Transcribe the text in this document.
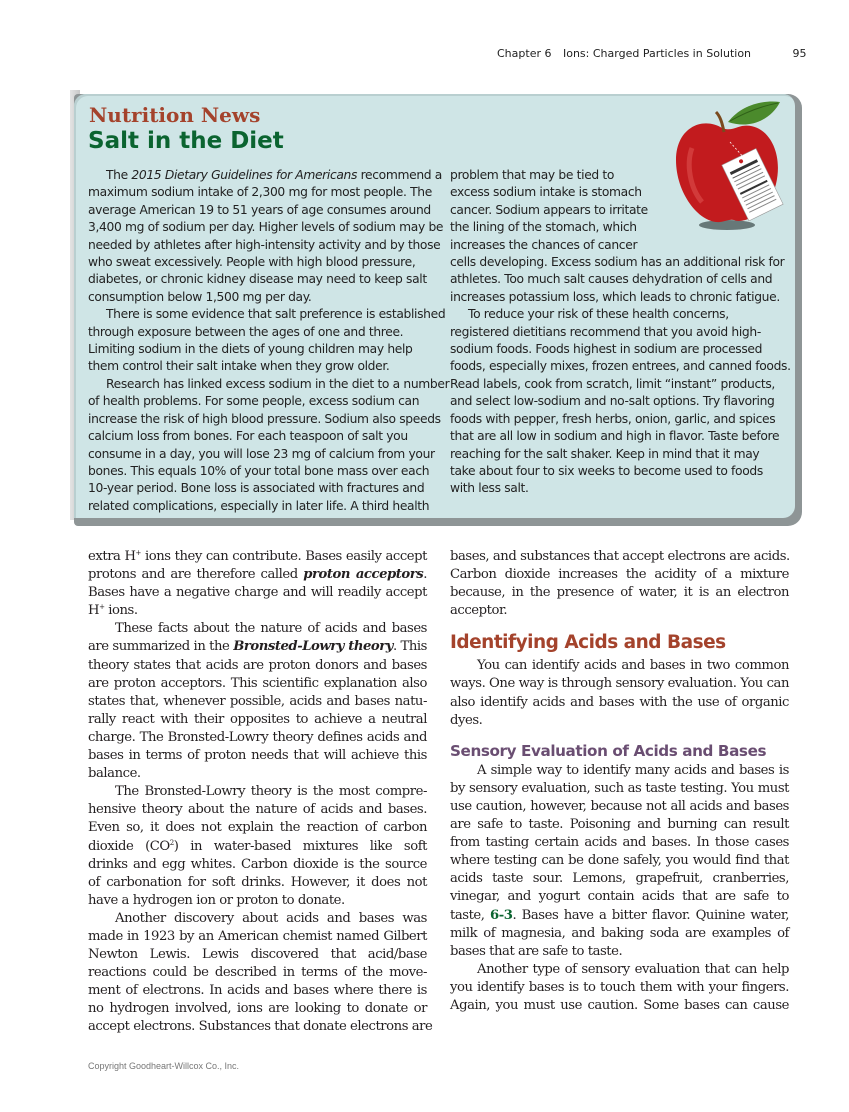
Chapter 6 Ions: Charged Particles in Solution	95
Nutrition News
Salt in the Diet
The 2015 Dietary Guidelines for Americans recommend a
maximum sodium intake of 2,300 mg for most people. The
average American 19 to 51 years of age consumes around
3,400 mg of sodium per day. Higher levels of sodium may be
needed by athletes after high-intensity activity and by those
who sweat excessively. People with high blood pressure,
diabetes, or chronic kidney disease may need to keep salt
consumption below 1,500 mg per day.
There is some evidence that salt preference is established
through exposure between the ages of one and three.
Limiting sodium in the diets of young children may help
them control their salt intake when they grow older.
Research has linked excess sodium in the diet to a number
of health problems. For some people, excess sodium can
increase the risk of high blood pressure. Sodium also speeds
calcium loss from bones. For each teaspoon of salt you
consume in a day, you will lose 23 mg of calcium from your
bones. This equals 10% of your total bone mass over each
10-year period. Bone loss is associated with fractures and
related complications, especially in later life. A third health
problem that may be tied to
excess sodium intake is stomach
cancer. Sodium appears to irritate
the lining of the stomach, which
increases the chances of cancer
cells developing. Excess sodium has an additional risk for
athletes. Too much salt causes dehydration of cells and
increases potassium loss, which leads to chronic fatigue.
To reduce your risk of these health concerns,
registered dietitians recommend that you avoid high-
sodium foods. Foods highest in sodium are processed
foods, especially mixes, frozen entrees, and canned foods.
Read labels, cook from scratch, limit “instant” products,
and select low-sodium and no-salt options. Try flavoring
foods with pepper, fresh herbs, onion, garlic, and spices
that are all low in sodium and high in flavor. Taste before
reaching for the salt shaker. Keep in mind that it may
take about four to six weeks to become used to foods
with less salt.
extra H+ ions they can contribute. Bases easily accept
protons and are therefore called proton acceptors.
Bases have a negative charge and will readily accept
H+ ions.
These facts about the nature of acids and bases
are summarized in the Bronsted-Lowry theory. This
theory states that acids are proton donors and bases
are proton acceptors. This scientific explanation also
states that, whenever possible, acids and bases natu-
rally react with their opposites to achieve a neutral
charge. The Bronsted-Lowry theory defines acids and
bases in terms of proton needs that will achieve this
balance.
The Bronsted-Lowry theory is the most compre-
hensive theory about the nature of acids and bases.
Even so, it does not explain the reaction of carbon
dioxide $(CO^2)$ in water-based mixtures like soft
drinks and egg whites. Carbon dioxide is the source
of carbonation for soft drinks. However, it does not
have a hydrogen ion or proton to donate.
Another discovery about acids and bases was
made in 1923 by an American chemist named Gilbert
Newton Lewis. Lewis discovered that acid/base
reactions could be described in terms of the move-
ment of electrons. In acids and bases where there is
no hydrogen involved, ions are looking to donate or
accept electrons. Substances that donate electrons are
bases, and substances that accept electrons are acids.
Carbon dioxide increases the acidity of a mixture
because, in the presence of water, it is an electron
acceptor.
Identifying Acids and Bases
You can identify acids and bases in two common
ways. One way is through sensory evaluation. You can
also identify acids and bases with the use of organic
dyes.
Sensory Evaluation of Acids and Bases
A simple way to identify many acids and bases is
by sensory evaluation, such as taste testing. You must
use caution, however, because not all acids and bases
are safe to taste. Poisoning and burning can result
from tasting certain acids and bases. In those cases
where testing can be done safely, you would find that
acids taste sour. Lemons, grapefruit, cranberries,
vinegar, and yogurt contain acids that are safe to
taste, 6-3. Bases have a bitter flavor. Quinine water,
milk of magnesia, and baking soda are examples of
bases that are safe to taste.
Another type of sensory evaluation that can help
you identify bases is to touch them with your fingers.
Again, you must use caution. Some bases can cause
Copyright Goodheart-Willcox Co., Inc.
